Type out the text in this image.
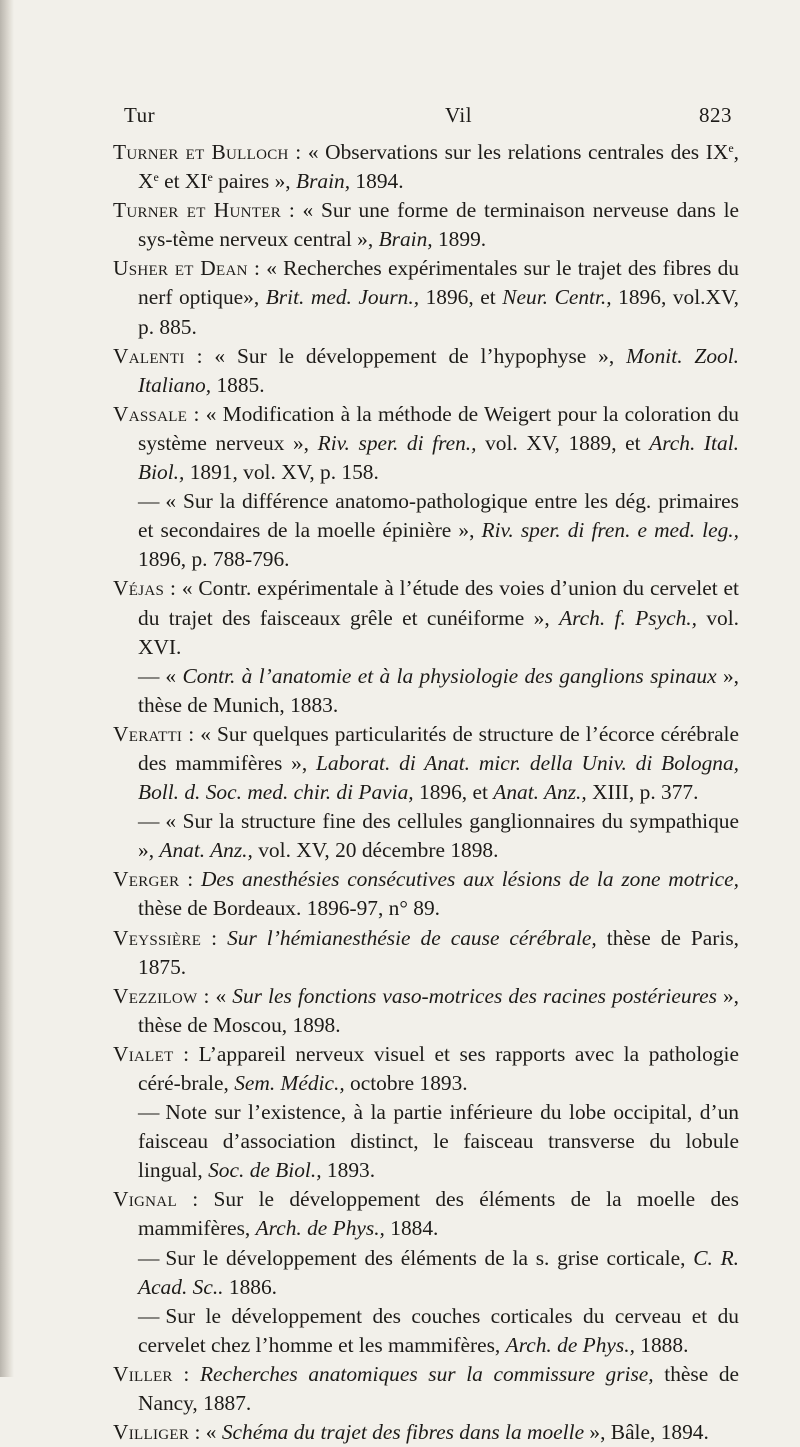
Tur	Vil	823
Turner et Bulloch : « Observations sur les relations centrales des IXe, Xe et XIe paires », Brain, 1894.
Turner et Hunter : « Sur une forme de terminaison nerveuse dans le sys-tème nerveux central », Brain, 1899.
Usher et Dean : « Recherches expérimentales sur le trajet des fibres du nerf optique», Brit. med. Journ., 1896, et Neur. Centr., 1896, vol.XV, p. 885.
Valenti : « Sur le développement de l’hypophyse », Monit. Zool. Italiano, 1885.
Vassale : « Modification à la méthode de Weigert pour la coloration du système nerveux », Riv. sper. di fren., vol. XV, 1889, et Arch. Ital. Biol., 1891, vol. XV, p. 158.
— « Sur la différence anatomo-pathologique entre les dég. primaires et secondaires de la moelle épinière », Riv. sper. di fren. e med. leg., 1896, p. 788-796.
Véjas : « Contr. expérimentale à l’étude des voies d’union du cervelet et du trajet des faisceaux grêle et cunéiforme », Arch. f. Psych., vol. XVI.
— « Contr. à l’anatomie et à la physiologie des ganglions spinaux », thèse de Munich, 1883.
Veratti : « Sur quelques particularités de structure de l’écorce cérébrale des mammifères », Laborat. di Anat. micr. della Univ. di Bologna, Boll. d. Soc. med. chir. di Pavia, 1896, et Anat. Anz., XIII, p. 377.
— « Sur la structure fine des cellules ganglionnaires du sympathique », Anat. Anz., vol. XV, 20 décembre 1898.
Verger : Des anesthésies consécutives aux lésions de la zone motrice, thèse de Bordeaux. 1896-97, n° 89.
Veyssière : Sur l’hémianesthésie de cause cérébrale, thèse de Paris, 1875.
Vezzilow : « Sur les fonctions vaso-motrices des racines postérieures », thèse de Moscou, 1898.
Vialet : L’appareil nerveux visuel et ses rapports avec la pathologie céré-brale, Sem. Médic., octobre 1893.
— Note sur l’existence, à la partie inférieure du lobe occipital, d’un faisceau d’association distinct, le faisceau transverse du lobule lingual, Soc. de Biol., 1893.
Vignal : Sur le développement des éléments de la moelle des mammifères, Arch. de Phys., 1884.
— Sur le développement des éléments de la s. grise corticale, C. R. Acad. Sc.. 1886.
— Sur le développement des couches corticales du cerveau et du cervelet chez l’homme et les mammifères, Arch. de Phys., 1888.
Viller : Recherches anatomiques sur la commissure grise, thèse de Nancy, 1887.
Villiger : « Schéma du trajet des fibres dans la moelle », Bâle, 1894.
